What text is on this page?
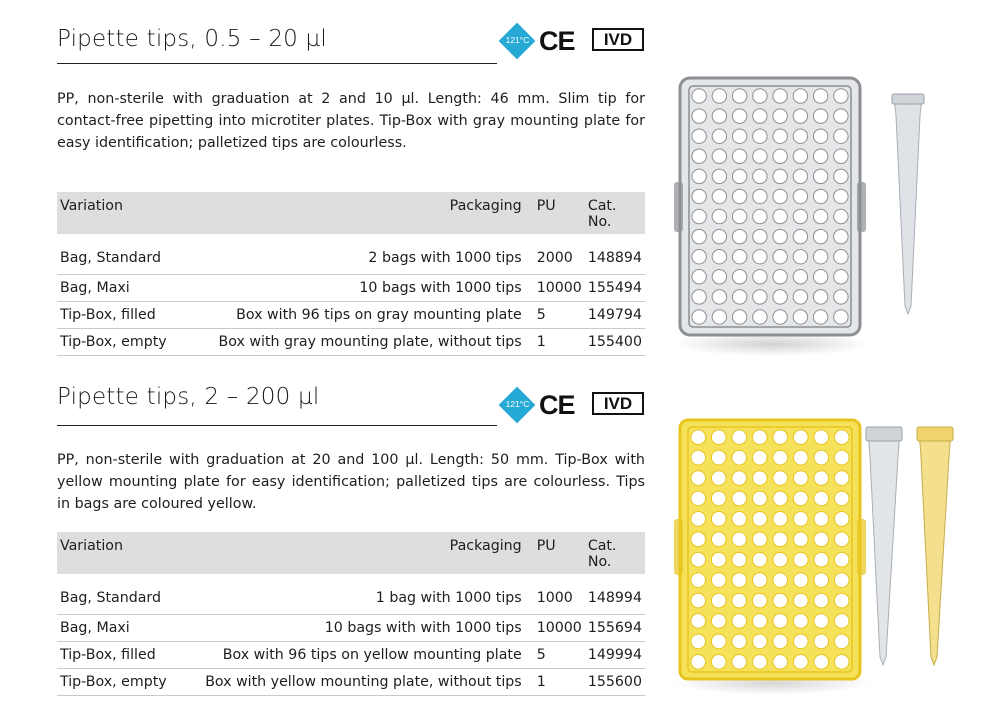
Pipette tips, 0.5 – 20 µl	121°C CE	IVD
PP, non-sterile with graduation at 2 and 10 µl. Length: 46 mm. Slim tip for contact-free pipetting into microtiter plates. Tip-Box with gray mounting plate for easy identification; palletized tips are colourless.
Variation	Packaging	PU	Cat. No.
Bag, Standard	2 bags with 1000 tips	2000	148894
Bag, Maxi	10 bags with 1000 tips	10000	155494
Tip-Box, filled	Box with 96 tips on gray mounting plate	5	149794
Tip-Box, empty	Box with gray mounting plate, without tips	1	155400
Pipette tips, 2 – 200 µl	121°C CE	IVD
PP, non-sterile with graduation at 20 and 100 µl. Length: 50 mm. Tip-Box with yellow mounting plate for easy identification; palletized tips are colourless. Tips in bags are coloured yellow.
Variation	Packaging	PU	Cat. No.
Bag, Standard	1 bag with 1000 tips	1000	148994
Bag, Maxi	10 bags with with 1000 tips	10000	155694
Tip-Box, filled	Box with 96 tips on yellow mounting plate	5	149994
Tip-Box, empty	Box with yellow mounting plate, without tips	1	155600
